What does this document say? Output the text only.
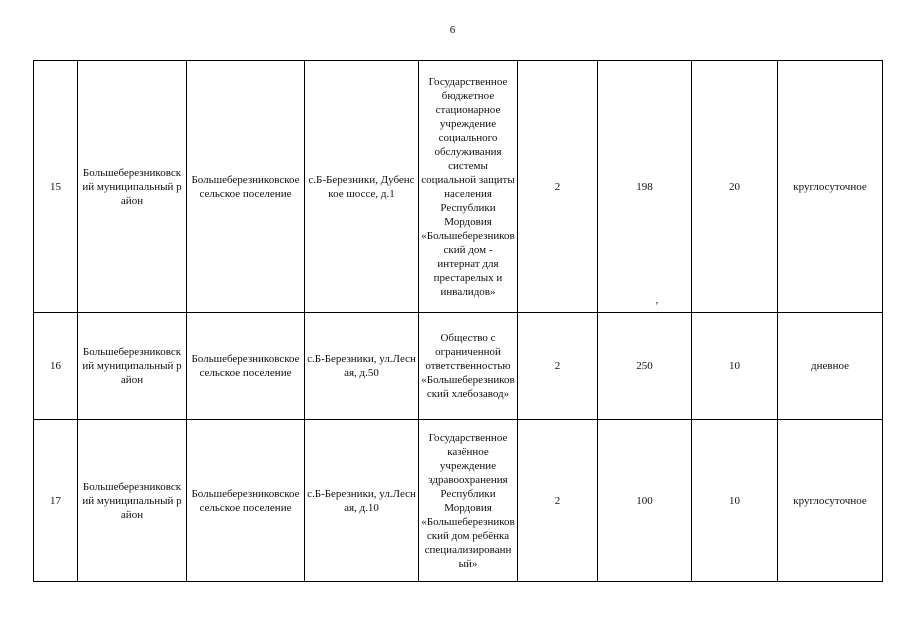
6
15	Большеберезниковский муниципальный район	Большеберезниковское сельское поселение	с.Б-Березники, Дубенское шоссе, д.1	Государственное бюджетное стационарное учреждение социального обслуживания системы социальной защиты населения Республики Мордовия «Большеберезниковский дом - интернат для престарелых и инвалидов»	2	198	20	круглосуточное
16	Большеберезниковский муниципальный район	Большеберезниковское сельское поселение	с.Б-Березники, ул.Лесная, д.50	Общество с ограниченной ответственностью «Большеберезниковский хлебозавод»	2	250	10	дневное
17	Большеберезниковский муниципальный район	Большеберезниковское сельское поселение	с.Б-Березники, ул.Лесная, д.10	Государственное казённое учреждение здравоохранения Республики Мордовия «Большеберезниковский дом ребёнка специализированный»	2	100	10	круглосуточное
‚
